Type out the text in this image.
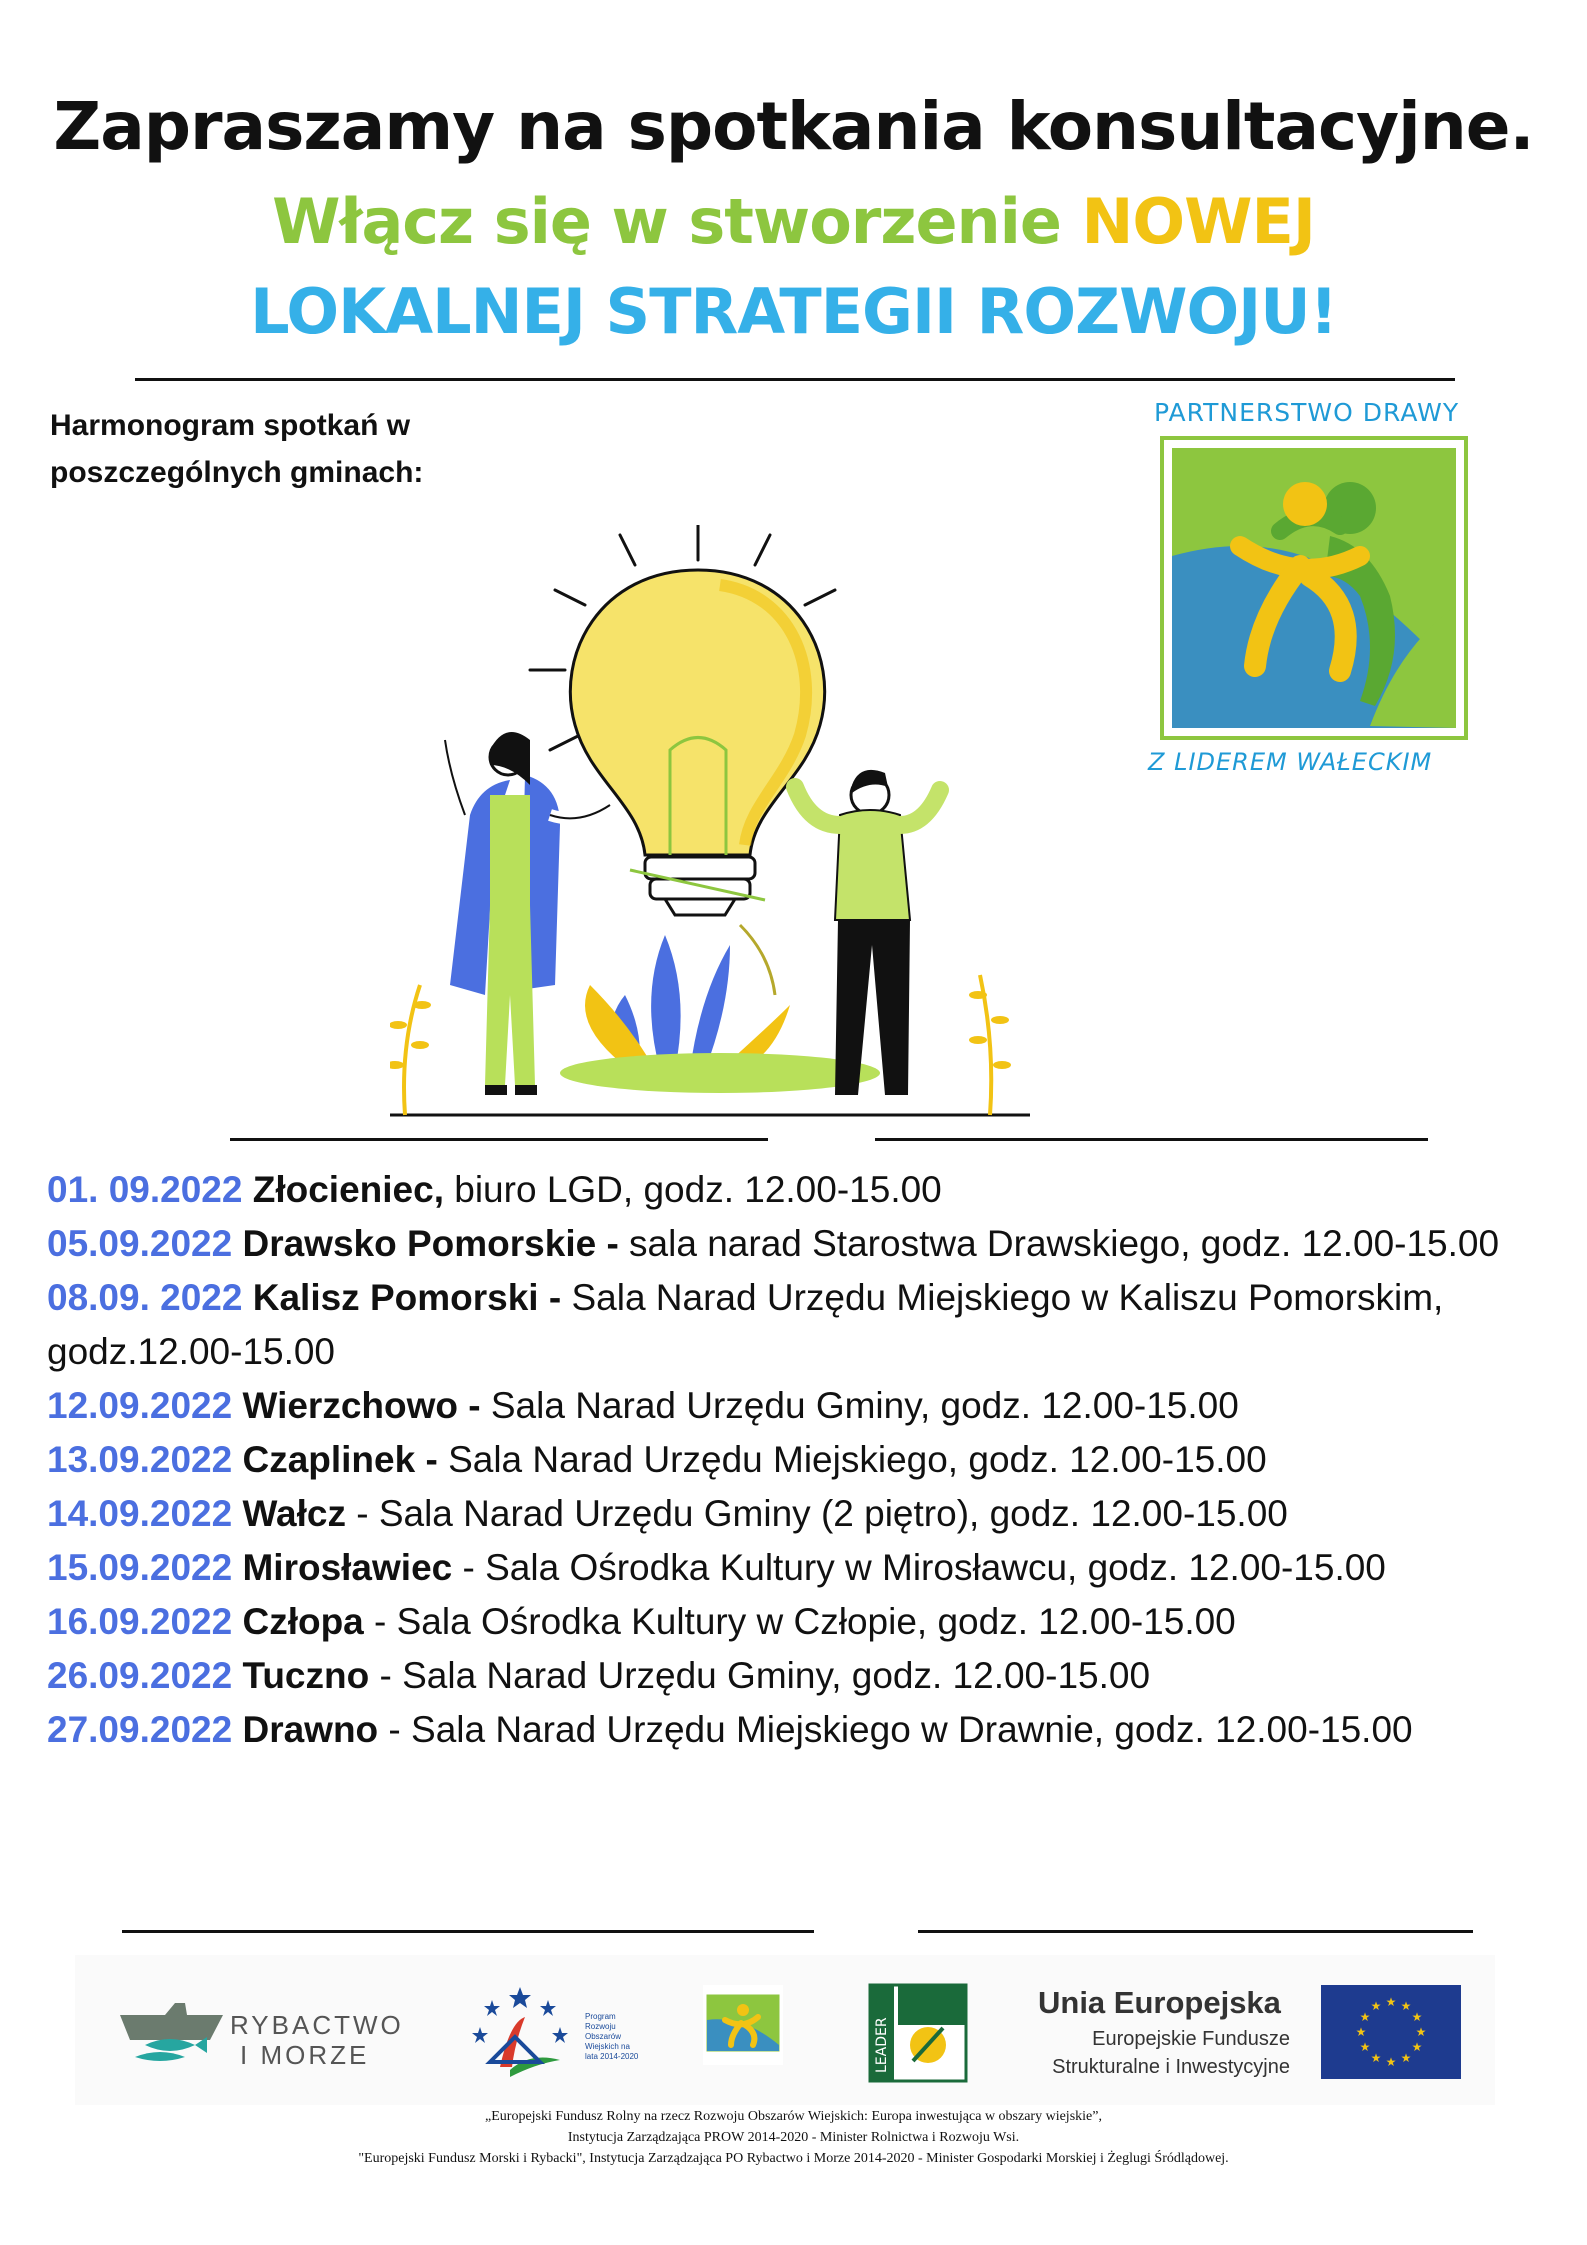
Zapraszamy na spotkania konsultacyjne.
Włącz się w stworzenie NOWEJ
LOKALNEJ STRATEGII ROZWOJU!
Harmonogram spotkań w
poszczególnych gminach:
PARTNERSTWO DRAWY
Z LIDEREM WAŁECKIM
01. 09.2022 Złocieniec, biuro LGD, godz. 12.00-15.00
05.09.2022 Drawsko Pomorskie - sala narad Starostwa Drawskiego, godz. 12.00-15.00
08.09. 2022 Kalisz Pomorski - Sala Narad Urzędu Miejskiego w Kaliszu Pomorskim, godz.12.00-15.00
12.09.2022 Wierzchowo - Sala Narad Urzędu Gminy, godz. 12.00-15.00
13.09.2022 Czaplinek - Sala Narad Urzędu Miejskiego, godz. 12.00-15.00
14.09.2022 Wałcz - Sala Narad Urzędu Gminy (2 piętro), godz. 12.00-15.00
15.09.2022 Mirosławiec - Sala Ośrodka Kultury w Mirosławcu, godz. 12.00-15.00
16.09.2022 Człopa - Sala Ośrodka Kultury w Człopie, godz. 12.00-15.00
26.09.2022 Tuczno - Sala Narad Urzędu Gminy, godz. 12.00-15.00
27.09.2022 Drawno - Sala Narad Urzędu Miejskiego w Drawnie, godz. 12.00-15.00
RYBACTWO
I MORZE
Program Rozwoju Obszarów Wiejskich na lata 2014-2020	LEADER
Unia Europejska
Europejskie Fundusze
Strukturalne i Inwestycyjne
★
★
★
★
★
★
★
★
★ ★ ★
★
„Europejski Fundusz Rolny na rzecz Rozwoju Obszarów Wiejskich: Europa inwestująca w obszary wiejskie”,
Instytucja Zarządzająca PROW 2014-2020 - Minister Rolnictwa i Rozwoju Wsi.
"Europejski Fundusz Morski i Rybacki", Instytucja Zarządzająca PO Rybactwo i Morze 2014-2020 - Minister Gospodarki Morskiej i Żeglugi Śródlądowej.
